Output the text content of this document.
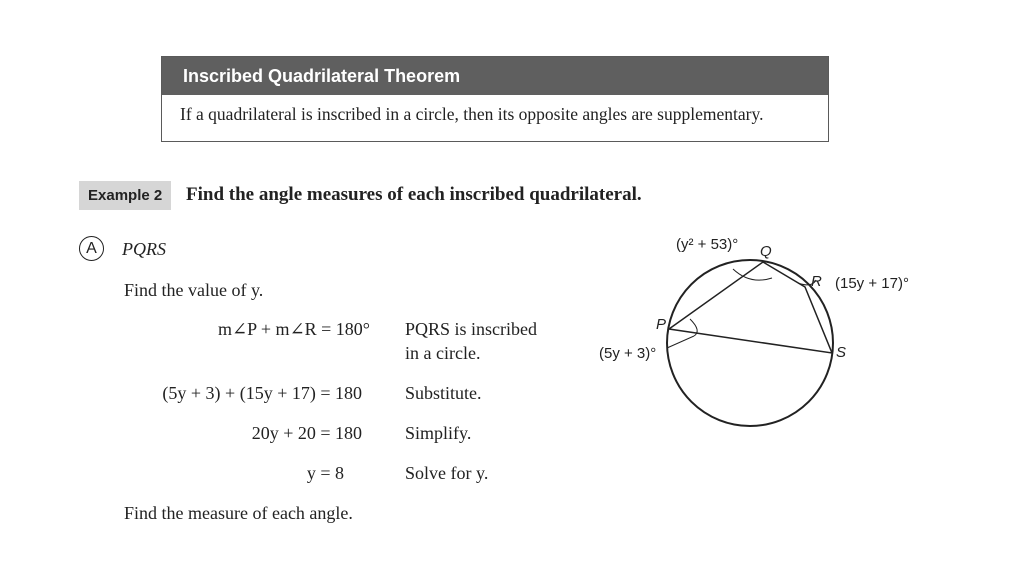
Inscribed Quadrilateral Theorem
If a quadrilateral is inscribed in a circle, then its opposite angles are supplementary.
Example 2	Find the angle measures of each inscribed quadrilateral.
A	PQRS
Find the value of y.
m∠P + m∠R = 180° PQRS is inscribed
in a circle.
(5y + 3) + (15y + 17) = 180 Substitute.
20y + 20 = 180 Simplify.
y = 8	Solve for y.
Find the measure of each angle.
P
Q
R
S
(y² + 53)°
(15y + 17)°
(5y + 3)°
